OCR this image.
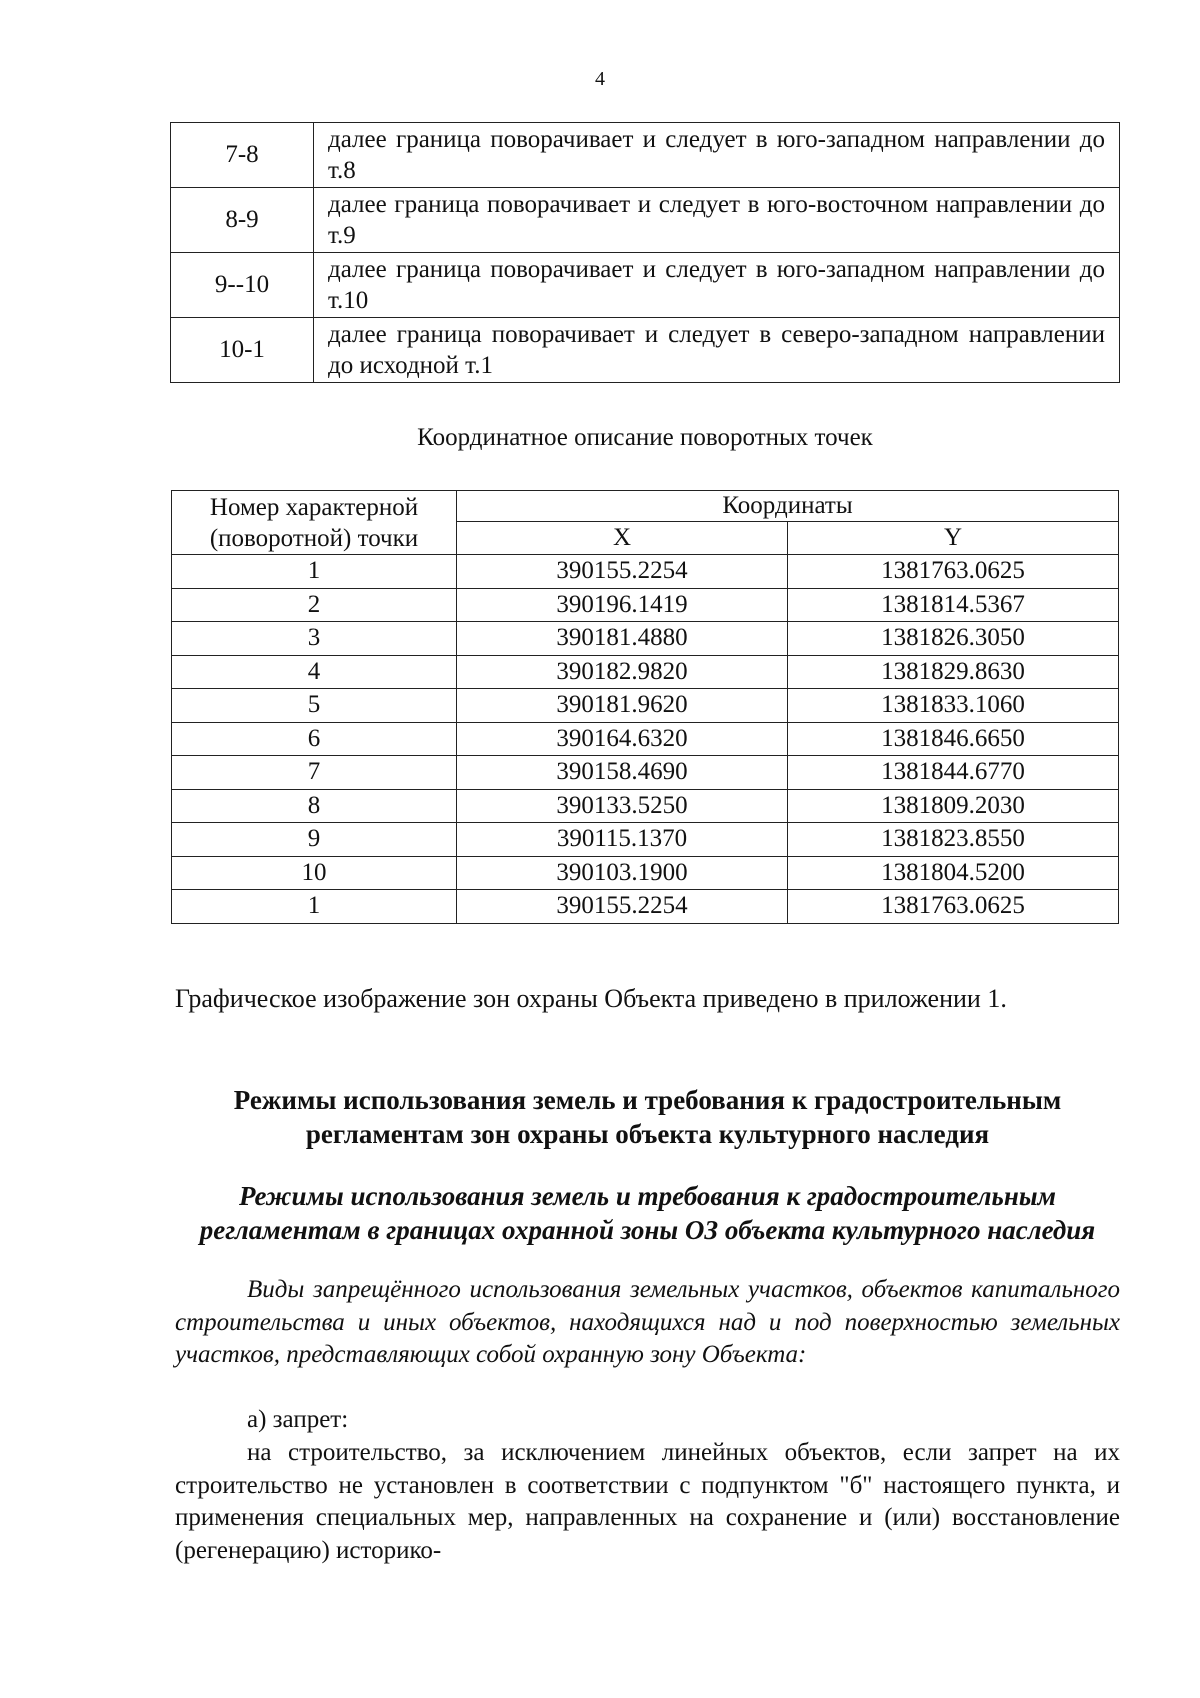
4
7-8	далее граница поворачивает и следует в юго-западном направлении до т.8
8-9	далее граница поворачивает и следует в юго-восточном направлении до т.9
9--10	далее граница поворачивает и следует в юго-западном направлении до т.10
10-1	далее граница поворачивает и следует в северо-западном направлении до исходной т.1
Координатное описание поворотных точек
Номер характерной (поворотной) точки	Координаты	
	X	Y
1	390155.2254	1381763.0625
2	390196.1419	1381814.5367
3	390181.4880	1381826.3050
4	390182.9820	1381829.8630
5	390181.9620	1381833.1060
6	390164.6320	1381846.6650
7	390158.4690	1381844.6770
8	390133.5250	1381809.2030
9	390115.1370	1381823.8550
10	390103.1900	1381804.5200
1	390155.2254	1381763.0625
Графическое изображение зон охраны Объекта приведено в приложении 1.
Режимы использования земель и требования к градостроительным регламентам зон охраны объекта культурного наследия
Режимы использования земель и требования к градостроительным регламентам в границах охранной зоны ОЗ объекта культурного наследия
Виды запрещённого использования земельных участков, объектов капитального строительства и иных объектов, находящихся над и под поверхностью земельных участков, представляющих собой охранную зону Объекта:
а) запрет:
на строительство, за исключением линейных объектов, если запрет на их строительство не установлен в соответствии с подпунктом "б" настоящего пункта, и применения специальных мер, направленных на сохранение и (или) восстановление (регенерацию) историко-
